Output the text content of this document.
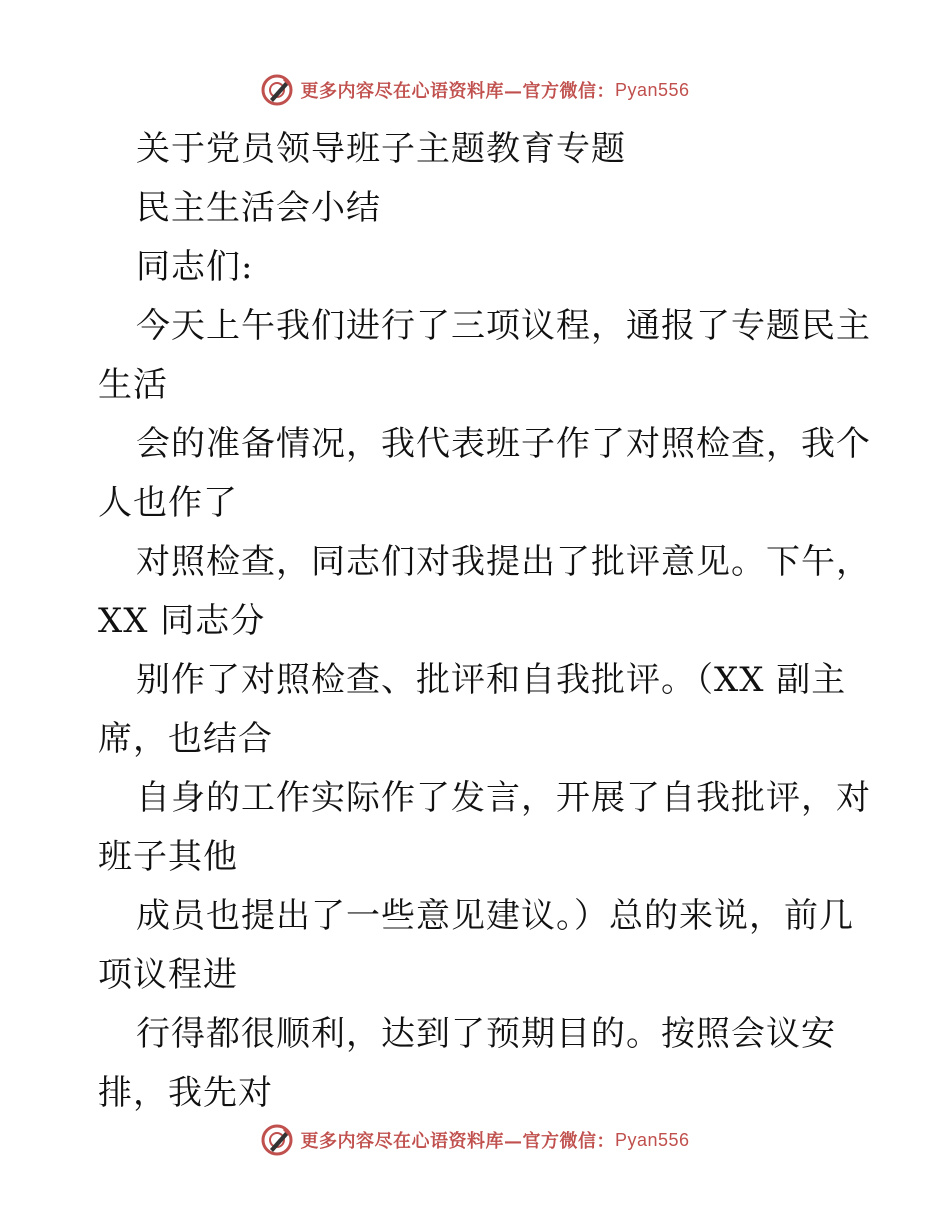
更多内容尽在心语资料库—官方微信： Pyan556
关于党员领导班子主题教育专题
民主生活会小结
同志们:
今天上午我们进行了三项议程，通报了专题民主
生活
会的准备情况，我代表班子作了对照检查，我个
人也作了
对照检查，同志们对我提出了批评意见。下午，
XX 同志分
别作了对照检查、批评和自我批评。（XX 副主
席，也结合
自身的工作实际作了发言，开展了自我批评，对
班子其他
成员也提出了一些意见建议。）总的来说，前几
项议程进
行得都很顺利，达到了预期目的。按照会议安
排，我先对
更多内容尽在心语资料库—官方微信： Pyan556
